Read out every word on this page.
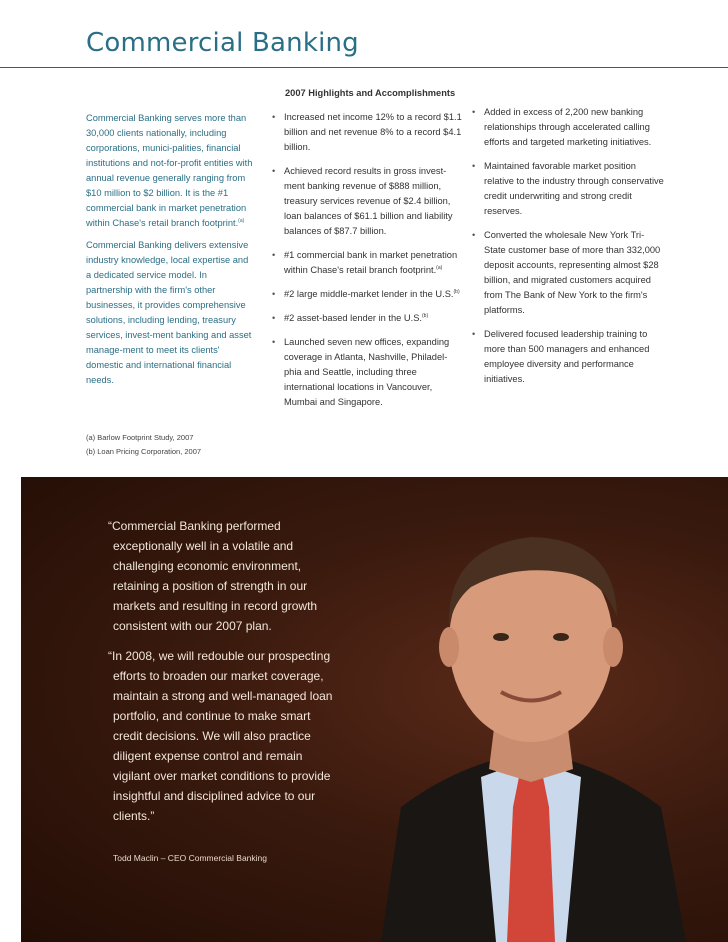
Commercial Banking

Commercial Banking serves more than 30,000 clients nationally, including corporations, munici-palities, financial institutions and not-for-profit entities with annual revenue generally ranging from $10 million to $2 billion. It is the #1 commercial bank in market penetration within Chase's retail branch footprint.$^{(a)}$

Commercial Banking delivers extensive industry knowledge, local expertise and a dedicated service model. In partnership with the firm's other businesses, it provides comprehensive solutions, including lending, treasury services, invest-ment banking and asset manage-ment to meet its clients' domestic and international financial needs.

2007 Highlights and Accomplishments
• Increased net income 12% to a record $1.1 billion and net revenue 8% to a record $4.1 billion.
• Achieved record results in gross invest-ment banking revenue of $888 million, treasury services revenue of $2.4 billion, loan balances of $61.1 billion and liability balances of $87.7 billion.
• #1 commercial bank in market penetration within Chase's retail branch footprint.$^{(a)}$
• #2 large middle-market lender in the U.S.$^{(b)}$
• #2 asset-based lender in the U.S.$^{(b)}$
• Launched seven new offices, expanding coverage in Atlanta, Nashville, Philadel-phia and Seattle, including three international locations in Vancouver, Mumbai and Singapore.
• Added in excess of 2,200 new banking relationships through accelerated calling efforts and targeted marketing initiatives.
• Maintained favorable market position relative to the industry through conservative credit underwriting and strong credit reserves.
• Converted the wholesale New York Tri-State customer base of more than 332,000 deposit accounts, representing almost $28 billion, and migrated customers acquired from The Bank of New York to the firm's platforms.
• Delivered focused leadership training to more than 500 managers and enhanced employee diversity and performance initiatives.
(a) Barlow Footprint Study, 2007
(b) Loan Pricing Corporation, 2007

“Commercial Banking performed exceptionally well in a volatile and challenging economic environment, retaining a position of strength in our markets and resulting in record growth consistent with our 2007 plan.

“In 2008, we will redouble our prospecting efforts to broaden our market coverage, maintain a strong and well-managed loan portfolio, and continue to make smart credit decisions. We will also practice diligent expense control and remain vigilant over market conditions to provide insightful and disciplined advice to our clients.”

Todd Maclin – CEO Commercial Banking
